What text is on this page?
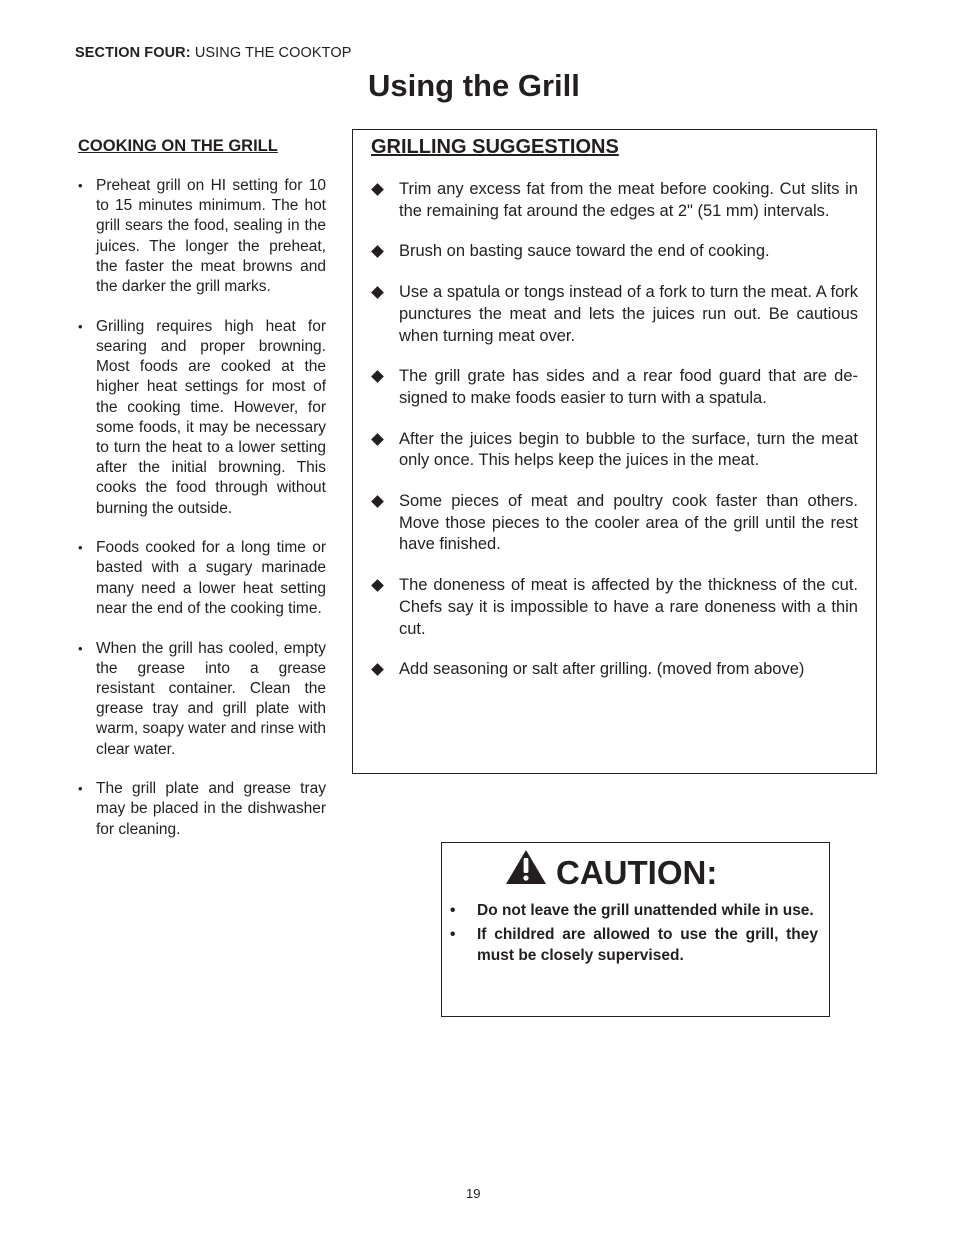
SECTION FOUR: USING THE COOKTOP
Using the Grill
COOKING ON THE GRILL
• Preheat grill on HI setting for 10 to 15 minutes minimum. The hot grill sears the food, sealing in the juices. The longer the preheat, the faster the meat browns and the darker the grill marks.
• Grilling requires high heat for searing and proper browning. Most foods are cooked at the higher heat settings for most of the cooking time. However, for some foods, it may be necessary to turn the heat to a lower setting after the initial browning. This cooks the food through without burning the outside.
• Foods cooked for a long time or basted with a sugary marinade many need a lower heat setting near the end of the cooking time.
• When the grill has cooled, empty the grease into a grease resistant container. Clean the grease tray and grill plate with warm, soapy water and rinse with clear water.
• The grill plate and grease tray may be placed in the dishwasher for cleaning.
GRILLING SUGGESTIONS
Trim any excess fat from the meat before cooking. Cut slits in the remaining fat around the edges at 2" (51 mm) intervals.
Brush on basting sauce toward the end of cooking.
Use a spatula or tongs instead of a fork to turn the meat. A fork punctures the meat and lets the juices run out. Be cautious when turning meat over.
The grill grate has sides and a rear food guard that are de-signed to make foods easier to turn with a spatula.
After the juices begin to bubble to the surface, turn the meat only once. This helps keep the juices in the meat.
Some pieces of meat and poultry cook faster than others. Move those pieces to the cooler area of the grill until the rest have finished.
The doneness of meat is affected by the thickness of the cut. Chefs say it is impossible to have a rare doneness with a thin cut.
Add seasoning or salt after grilling. (moved from above)
CAUTION:
• Do not leave the grill unattended while in use.
• If childred are allowed to use the grill, they must be closely supervised.
19
